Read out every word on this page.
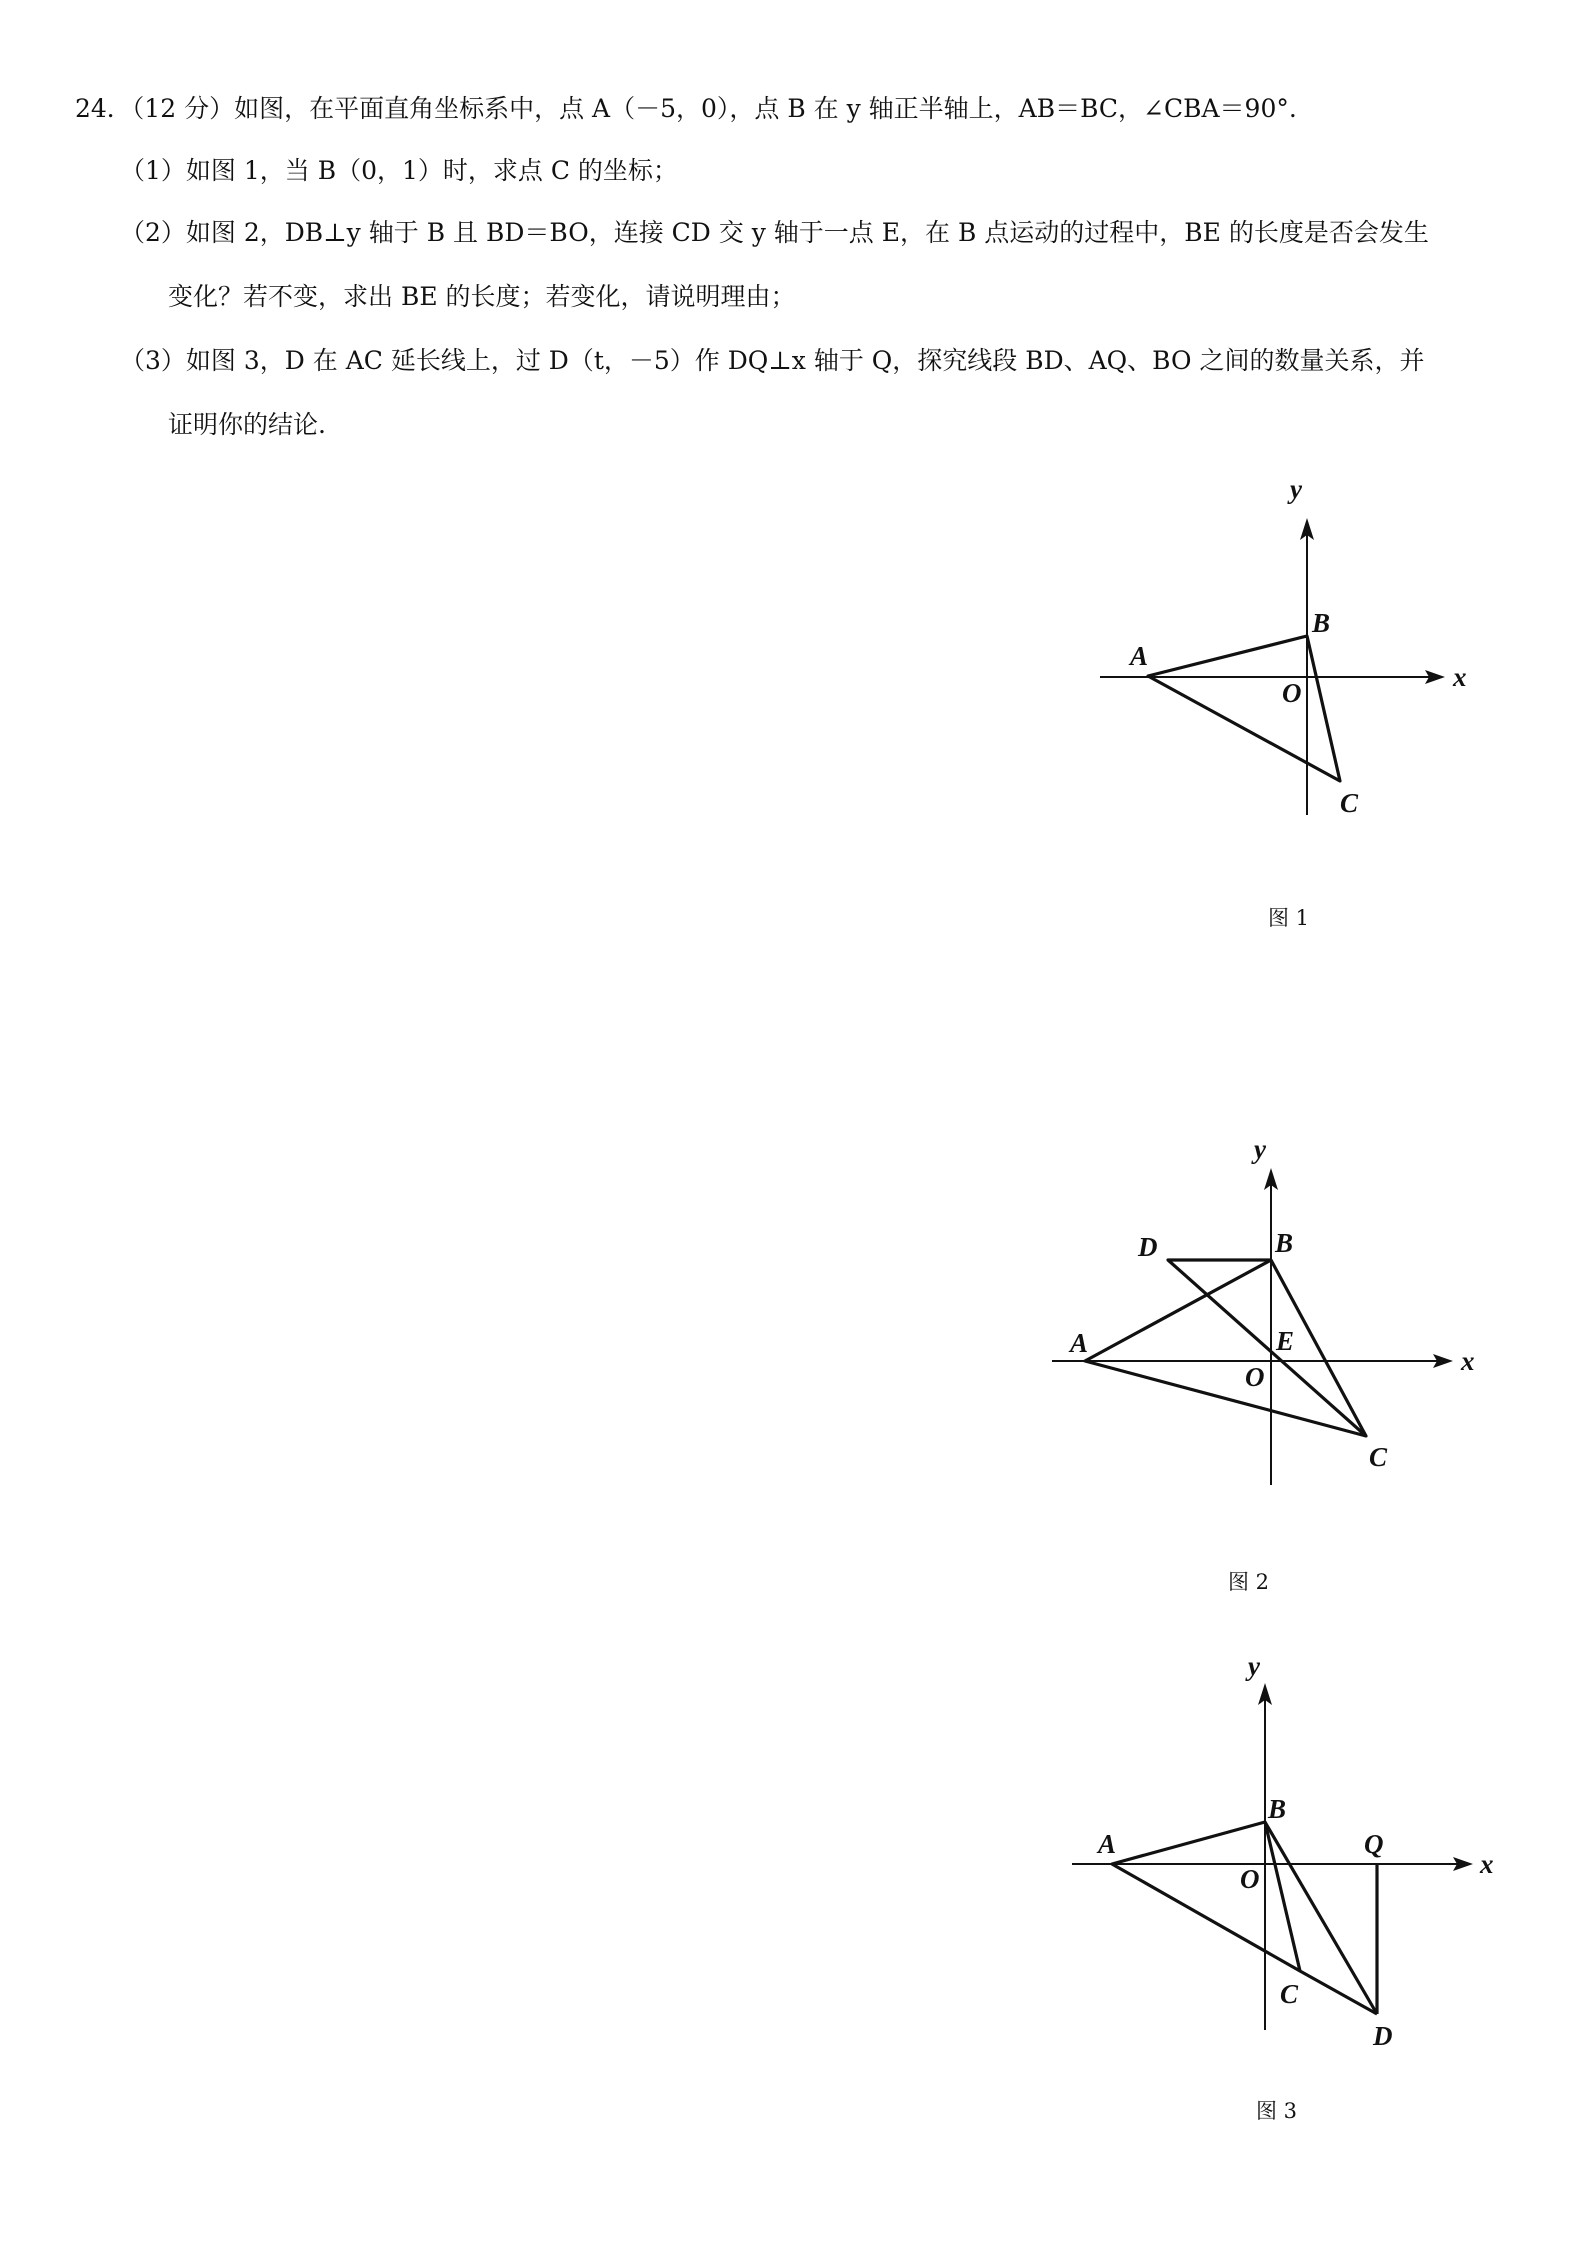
24．（12 分）如图，在平面直角坐标系中，点 A（－5，0），点 B 在 y 轴正半轴上，AB＝BC，∠CBA＝90°.
（1）如图 1，当 B（0，1）时，求点 C 的坐标；
（2）如图 2，DB⊥y 轴于 B 且 BD＝BO，连接 CD 交 y 轴于一点 E，在 B 点运动的过程中，BE 的长度是否会发生
变化？若不变，求出 BE 的长度；若变化，请说明理由；
（3）如图 3，D 在 AC 延长线上，过 D（t，－5）作 DQ⊥x 轴于 Q，探究线段 BD、AQ、BO 之间的数量关系，并
证明你的结论.
y
x
A
B
O
C
图 1
y
x
A
B
D
E
O
C
图 2
y
x
A
B
Q
O
C
D
图 3
